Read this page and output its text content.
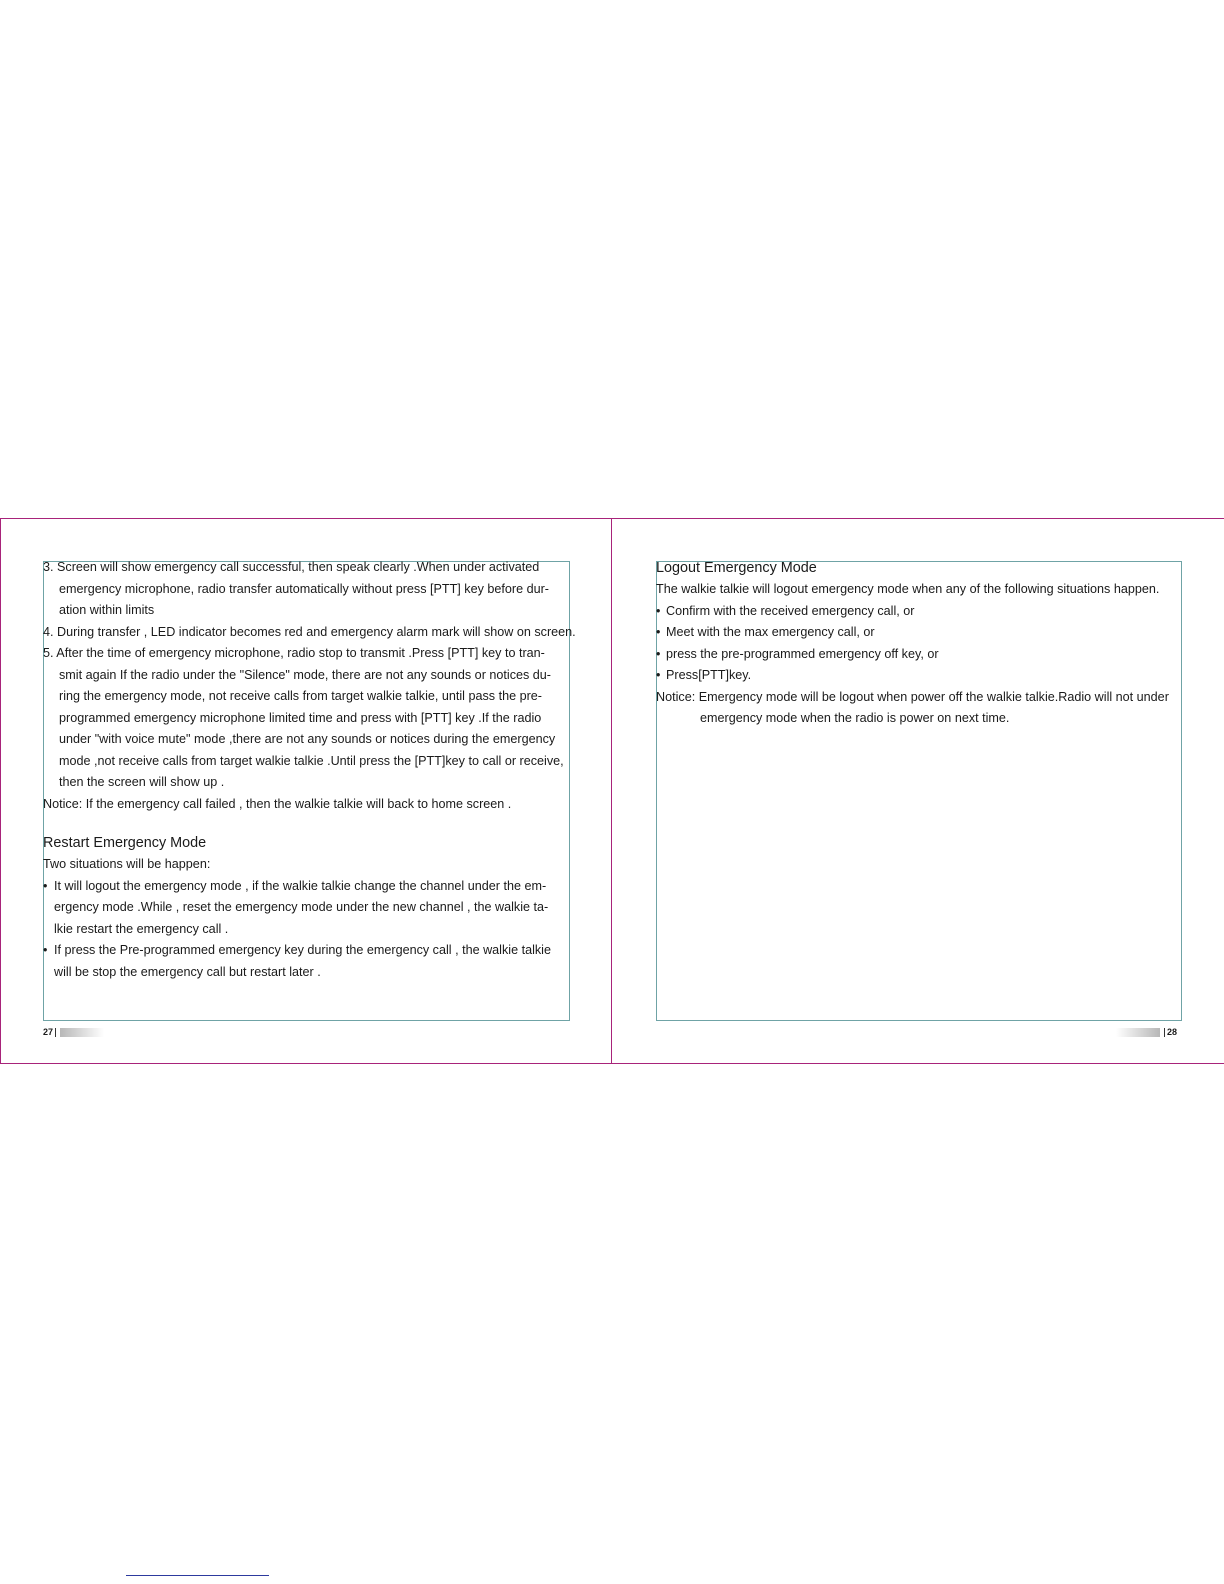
3. Screen will show emergency call successful, then speak clearly .When under activated

emergency microphone, radio transfer automatically without press [PTT] key before dur-

ation within limits

4. During transfer , LED indicator becomes red and emergency alarm mark will show on screen.

5. After the time of emergency microphone, radio stop to transmit .Press [PTT] key to tran-

smit again If the radio under the "Silence" mode, there are not any sounds or notices du-

ring the emergency mode, not receive calls from target walkie talkie, until pass the pre-

programmed emergency microphone limited time and press with [PTT] key .If the radio

under "with voice mute" mode ,there are not any sounds or notices during the emergency

mode ,not receive calls from target walkie talkie .Until press the [PTT]key to call or receive,

then the screen will show up .

Notice: If the emergency call failed , then the walkie talkie will back to home screen .

Restart Emergency Mode

Two situations will be happen:

• It will logout the emergency mode , if the walkie talkie change the channel under the em-

ergency mode .While , reset the emergency mode under the new channel , the walkie ta-

lkie restart the emergency call .

• If press the Pre-programmed emergency key during the emergency call , the walkie talkie

will be stop the emergency call but restart later .

Logout Emergency Mode

The walkie talkie will logout emergency mode when any of the following situations happen.

• Confirm with the received emergency call, or

• Meet with the max emergency call, or

• press the pre-programmed emergency off key, or

• Press[PTT]key.

Notice: Emergency mode will be logout when power off the walkie talkie.Radio will not under

emergency mode when the radio is power on next time.

27	28
